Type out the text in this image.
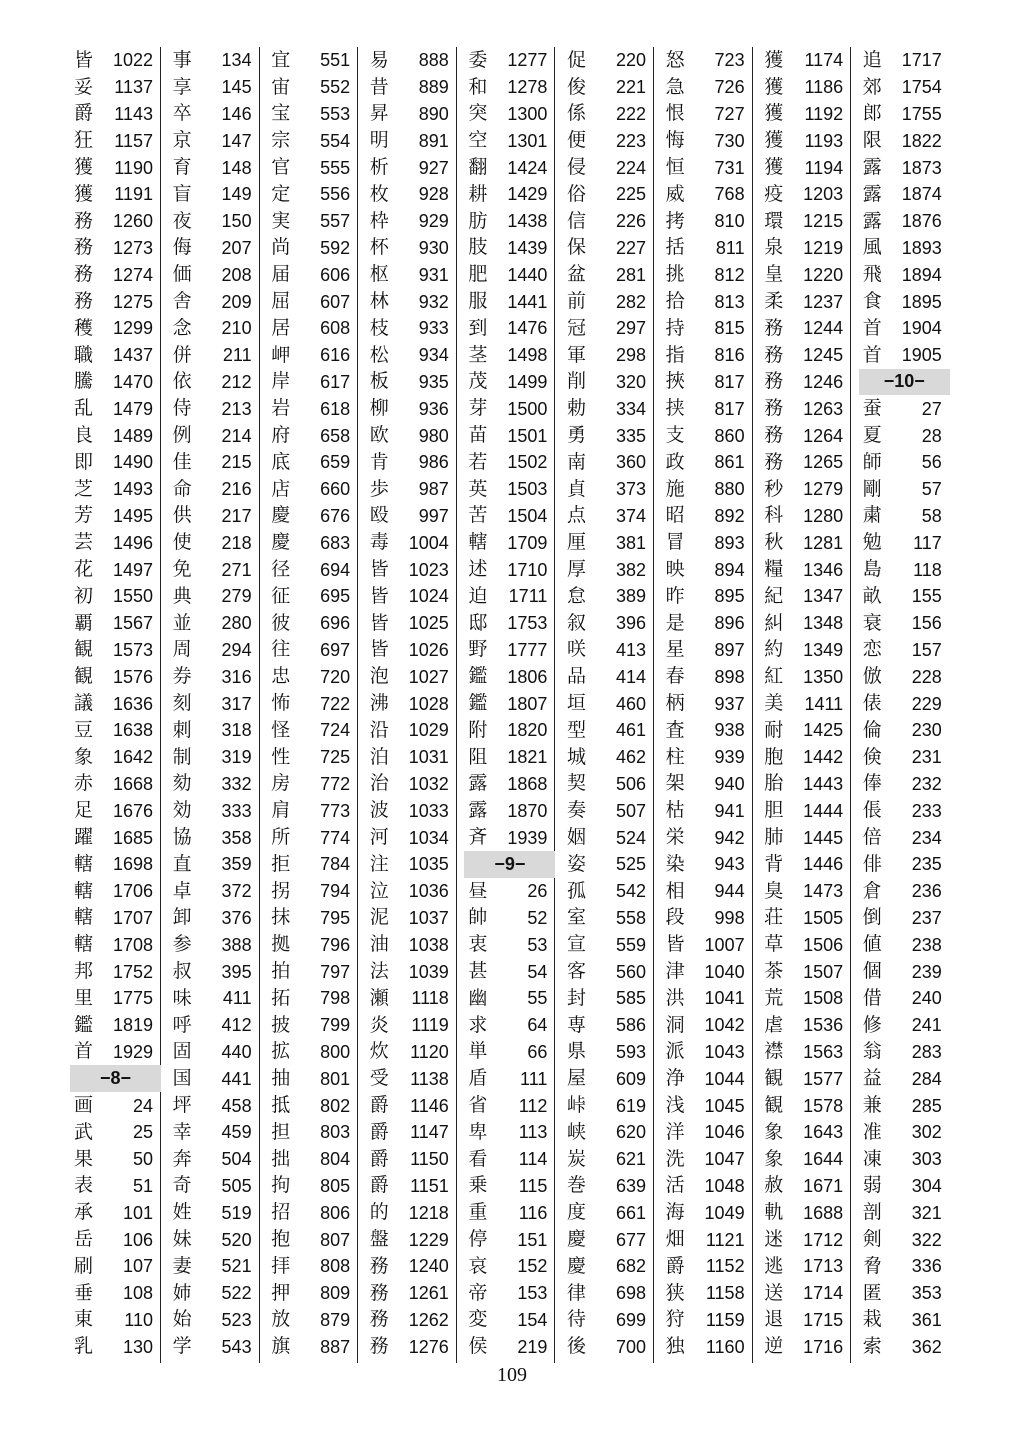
皆 1022
妥 1137
爵 1143
狂 1157
獲 1190
獲 1191
務 1260
務 1273
務 1274
務 1275
穫 1299
職 1437
騰 1470
乱 1479
良 1489
即 1490
芝 1493
芳 1495
芸 1496
花 1497
初 1550
覇 1567
観 1573
観 1576
議 1636
豆 1638
象 1642
赤 1668
足 1676
躍 1685
轄 1698
轄 1706
轄 1707
轄 1708
邦 1752
里 1775
鑑 1819
首 1929
−8−
画 24
武 25
果 50
表 51
承 101
岳 106
刷 107
垂 108
東 110
乳 130
事 134
享 145
卒 146
京 147
育 148
盲 149
夜 150
侮 207
価 208
舎 209
念 210
併 211
依 212
侍 213
例 214
佳 215
命 216
供 217
使 218
免 271
典 279
並 280
周 294
券 316
刻 317
刺 318
制 319
劾 332
効 333
協 358
直 359
卓 372
卸 376
参 388
叔 395
味 411
呼 412
固 440
国 441
坪 458
幸 459
奔 504
奇 505
姓 519
妹 520
妻 521
姉 522
始 523
学 543
宜 551
宙 552
宝 553
宗 554
官 555
定 556
実 557
尚 592
届 606
屈 607
居 608
岬 616
岸 617
岩 618
府 658
底 659
店 660
慶 676
慶 683
径 694
征 695
彼 696
往 697
忠 720
怖 722
怪 724
性 725
房 772
肩 773
所 774
拒 784
拐 794
抹 795
拠 796
拍 797
拓 798
披 799
拡 800
抽 801
抵 802
担 803
拙 804
拘 805
招 806
抱 807
拝 808
押 809
放 879
旗 887
易 888
昔 889
昇 890
明 891
析 927
枚 928
枠 929
杯 930
枢 931
林 932
枝 933
松 934
板 935
柳 936
欧 980
肯 986
歩 987
殴 997
毒 1004
皆 1023
皆 1024
皆 1025
皆 1026
泡 1027
沸 1028
沿 1029
泊 1031
治 1032
波 1033
河 1034
注 1035
泣 1036
泥 1037
油 1038
法 1039
瀬 1118
炎 1119
炊 1120
受 1138
爵 1146
爵 1147
爵 1150
爵 1151
的 1218
盤 1229
務 1240
務 1261
務 1262
務 1276
委 1277
和 1278
突 1300
空 1301
翻 1424
耕 1429
肪 1438
肢 1439
肥 1440
服 1441
到 1476
茎 1498
茂 1499
芽 1500
苗 1501
若 1502
英 1503
苦 1504
轄 1709
述 1710
迫 1711
邸 1753
野 1777
鑑 1806
鑑 1807
附 1820
阻 1821
露 1868
露 1870
斉 1939
−9−
昼 26
帥 52
衷 53
甚 54
幽 55
求 64
単 66
盾 111
省 112
卑 113
看 114
乗 115
重 116
停 151
哀 152
帝 153
変 154
侯 219
促 220
俊 221
係 222
便 223
侵 224
俗 225
信 226
保 227
盆 281
前 282
冠 297
軍 298
削 320
勅 334
勇 335
南 360
貞 373
点 374
厘 381
厚 382
怠 389
叙 396
咲 413
品 414
垣 460
型 461
城 462
契 506
奏 507
姻 524
姿 525
孤 542
室 558
宣 559
客 560
封 585
専 586
県 593
屋 609
峠 619
峡 620
炭 621
巻 639
度 661
慶 677
慶 682
律 698
待 699
後 700
怒 723
急 726
恨 727
悔 730
恒 731
威 768
拷 810
括 811
挑 812
拾 813
持 815
指 816
挾 817
挟 817
支 860
政 861
施 880
昭 892
冒 893
映 894
昨 895
是 896
星 897
春 898
柄 937
査 938
柱 939
架 940
枯 941
栄 942
染 943
相 944
段 998
皆 1007
津 1040
洪 1041
洞 1042
派 1043
浄 1044
浅 1045
洋 1046
洗 1047
活 1048
海 1049
畑 1121
爵 1152
狭 1158
狩 1159
独 1160
獲 1174
獲 1186
獲 1192
獲 1193
獲 1194
疫 1203
環 1215
泉 1219
皇 1220
柔 1237
務 1244
務 1245
務 1246
務 1263
務 1264
務 1265
秒 1279
科 1280
秋 1281
糧 1346
紀 1347
糾 1348
約 1349
紅 1350
美 1411
耐 1425
胞 1442
胎 1443
胆 1444
肺 1445
背 1446
臭 1473
荘 1505
草 1506
茶 1507
荒 1508
虐 1536
襟 1563
観 1577
観 1578
象 1643
象 1644
赦 1671
軌 1688
迷 1712
逃 1713
送 1714
退 1715
逆 1716
追 1717
郊 1754
郎 1755
限 1822
露 1873
露 1874
露 1876
風 1893
飛 1894
食 1895
首 1904
首 1905
−10−
蚕 27
夏 28
師 56
剛 57
粛 58
勉 117
島 118
畝 155
衰 156
恋 157
倣 228
俵 229
倫 230
倹 231
俸 232
倀 233
倍 234
俳 235
倉 236
倒 237
値 238
個 239
借 240
修 241
翁 283
益 284
兼 285
准 302
凍 303
弱 304
剖 321
剣 322
脅 336
匿 353
栽 361
索 362
109
